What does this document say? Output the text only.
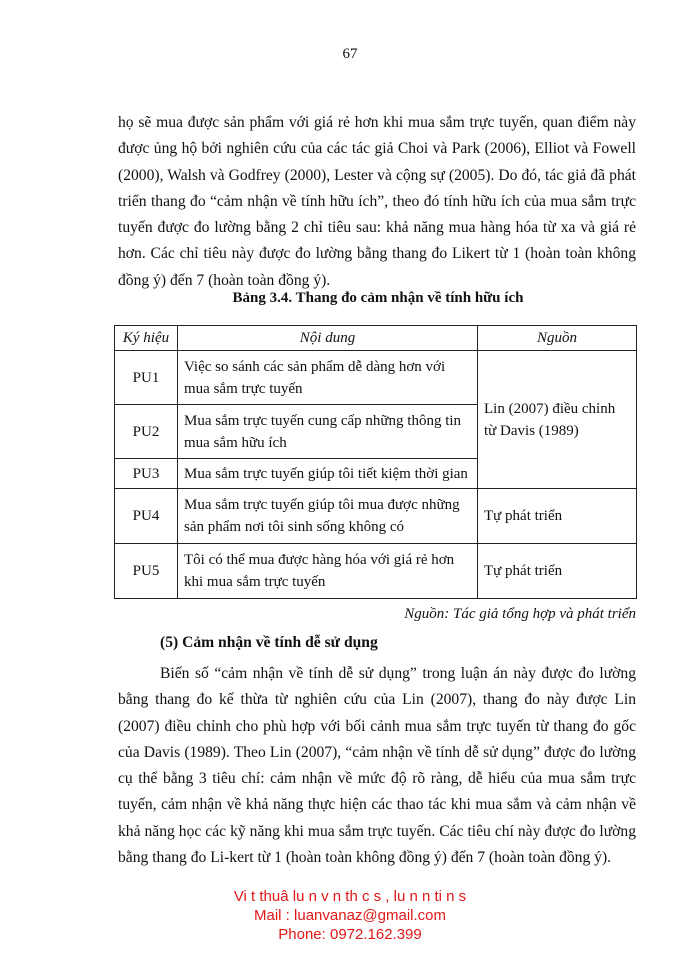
67

họ sẽ mua được sản phẩm với giá rẻ hơn khi mua sắm trực tuyến, quan điểm này được ủng hộ bởi nghiên cứu của các tác giả Choi và Park (2006), Elliot và Fowell (2000), Walsh và Godfrey (2000), Lester và cộng sự (2005). Do đó, tác giả đã phát triển thang đo “cảm nhận về tính hữu ích”, theo đó tính hữu ích của mua sắm trực tuyến được đo lường bằng 2 chỉ tiêu sau: khả năng mua hàng hóa từ xa và giá rẻ hơn. Các chỉ tiêu này được đo lường bằng thang đo Likert từ 1 (hoàn toàn không đồng ý) đến 7 (hoàn toàn đồng ý).

Bảng 3.4. Thang đo cảm nhận về tính hữu ích
Ký hiệu	Nội dung	Nguồn
PU1	Việc so sánh các sản phẩm dễ dàng hơn với mua sắm trực tuyến	Lin (2007) điều chỉnh từ Davis (1989)
PU2	Mua sắm trực tuyến cung cấp những thông tin mua sắm hữu ích	
PU3	Mua sắm trực tuyến giúp tôi tiết kiệm thời gian	
PU4	Mua sắm trực tuyến giúp tôi mua được những sản phẩm nơi tôi sinh sống không có	Tự phát triển
PU5	Tôi có thể mua được hàng hóa với giá rẻ hơn khi mua sắm trực tuyến	Tự phát triển
Nguồn: Tác giả tổng hợp và phát triển
(5) Cảm nhận về tính dễ sử dụng

Biến số “cảm nhận về tính dễ sử dụng” trong luận án này được đo lường bằng thang đo kế thừa từ nghiên cứu của Lin (2007), thang đo này được Lin (2007) điều chỉnh cho phù hợp với bối cảnh mua sắm trực tuyến từ thang đo gốc của Davis (1989). Theo Lin (2007), “cảm nhận về tính dễ sử dụng” được đo lường cụ thể bằng 3 tiêu chí: cảm nhận về mức độ rõ ràng, dễ hiểu của mua sắm trực tuyến, cảm nhận về khả năng thực hiện các thao tác khi mua sắm và cảm nhận về khả năng học các kỹ năng khi mua sắm trực tuyến. Các tiêu chí này được đo lường bằng thang đo Li-kert từ 1 (hoàn toàn không đồng ý) đến 7 (hoàn toàn đồng ý).

Vi t thuâ lu n v n th c s , lu n n ti n s
Mail : luanvanaz@gmail.com
Phone: 0972.162.399
